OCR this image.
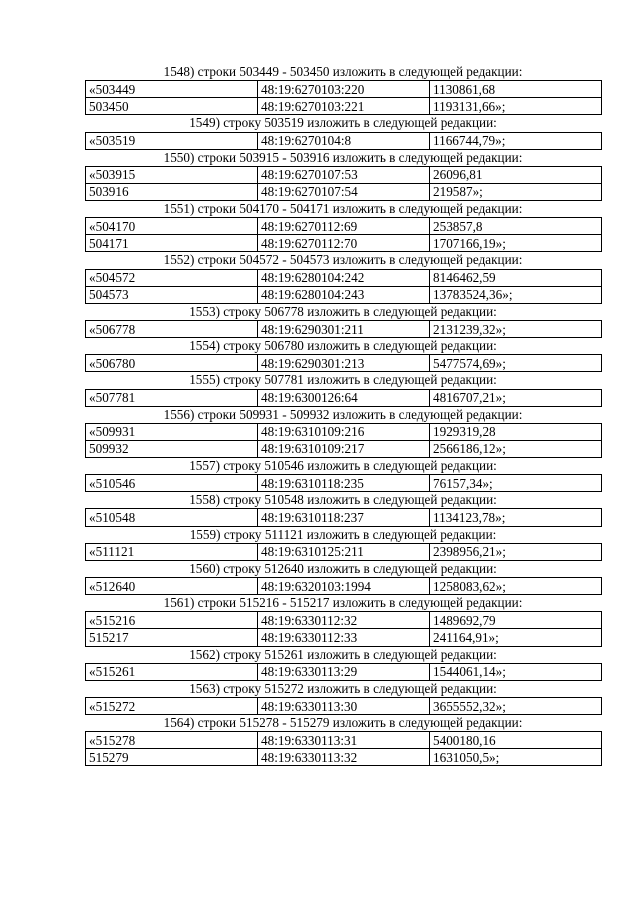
1548) строки 503449 - 503450 изложить в следующей редакции:
«503449	48:19:6270103:220	1130861,68
503450	48:19:6270103:221	1193131,66»;
1549) строку 503519 изложить в следующей редакции:
«503519	48:19:6270104:8	1166744,79»;
1550) строки 503915 - 503916 изложить в следующей редакции:
«503915	48:19:6270107:53	26096,81
503916	48:19:6270107:54	219587»;
1551) строки 504170 - 504171 изложить в следующей редакции:
«504170	48:19:6270112:69	253857,8
504171	48:19:6270112:70	1707166,19»;
1552) строки 504572 - 504573 изложить в следующей редакции:
«504572	48:19:6280104:242	8146462,59
504573	48:19:6280104:243	13783524,36»;
1553) строку 506778 изложить в следующей редакции:
«506778	48:19:6290301:211	2131239,32»;
1554) строку 506780 изложить в следующей редакции:
«506780	48:19:6290301:213	5477574,69»;
1555) строку 507781 изложить в следующей редакции:
«507781	48:19:6300126:64	4816707,21»;
1556) строки 509931 - 509932 изложить в следующей редакции:
«509931	48:19:6310109:216	1929319,28
509932	48:19:6310109:217	2566186,12»;
1557) строку 510546 изложить в следующей редакции:
«510546	48:19:6310118:235	76157,34»;
1558) строку 510548 изложить в следующей редакции:
«510548	48:19:6310118:237	1134123,78»;
1559) строку 511121 изложить в следующей редакции:
«511121	48:19:6310125:211	2398956,21»;
1560) строку 512640 изложить в следующей редакции:
«512640	48:19:6320103:1994	1258083,62»;
1561) строки 515216 - 515217 изложить в следующей редакции:
«515216	48:19:6330112:32	1489692,79
515217	48:19:6330112:33	241164,91»;
1562) строку 515261 изложить в следующей редакции:
«515261	48:19:6330113:29	1544061,14»;
1563) строку 515272 изложить в следующей редакции:
«515272	48:19:6330113:30	3655552,32»;
1564) строки 515278 - 515279 изложить в следующей редакции:
«515278	48:19:6330113:31	5400180,16
515279	48:19:6330113:32	1631050,5»;
